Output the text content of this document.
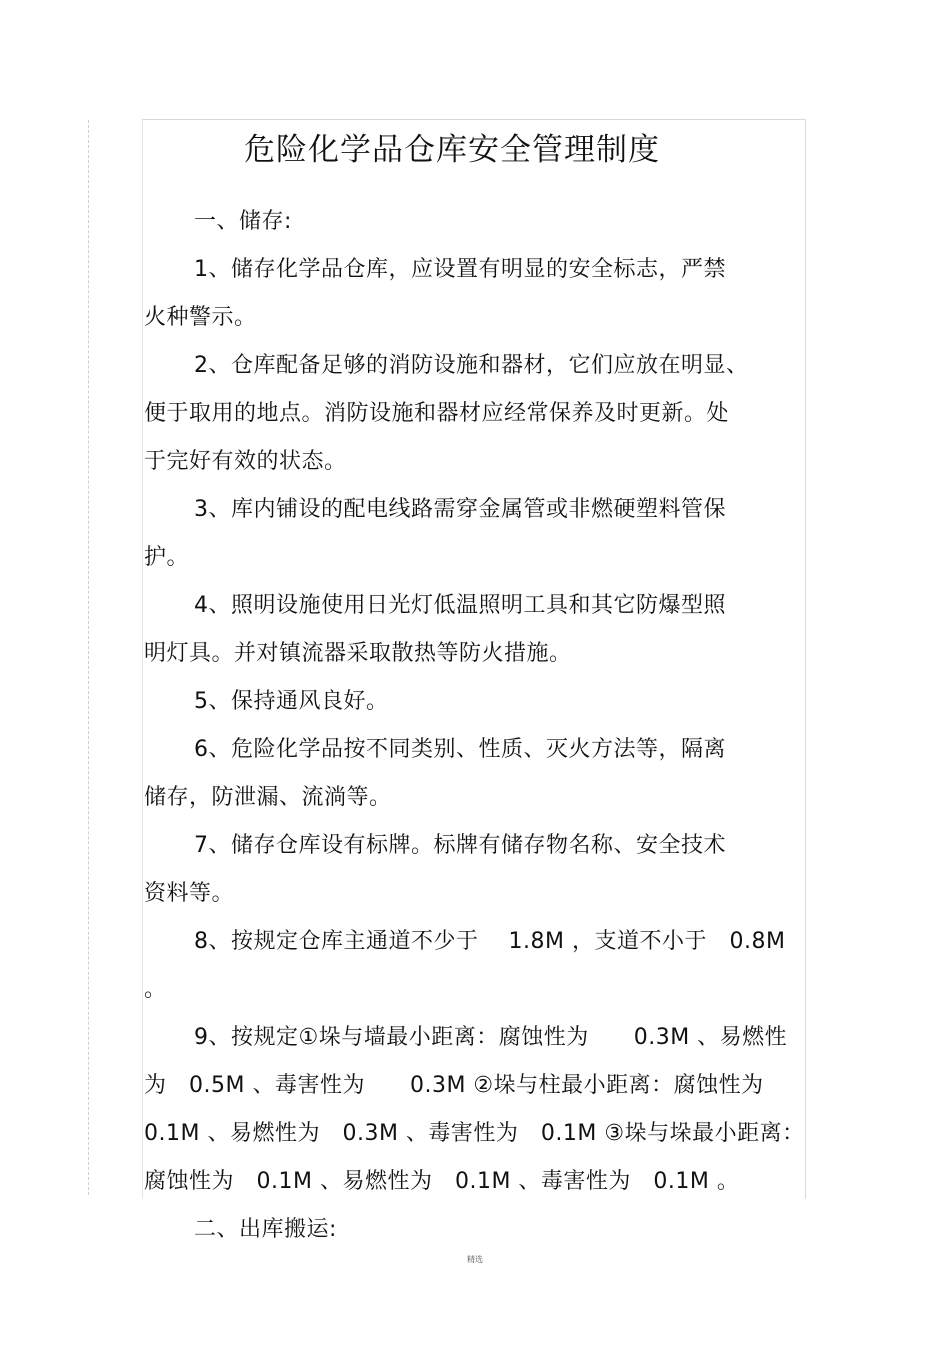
危险化学品仓库安全管理制度

一、储存:

1、储存化学品仓库，应设置有明显的安全标志，严禁
火种警示。

2、仓库配备足够的消防设施和器材，它们应放在明显、
便于取用的地点。消防设施和器材应经常保养及时更新。处
于完好有效的状态。

3、库内铺设的配电线路需穿金属管或非燃硬塑料管保
护。

4、照明设施使用日光灯低温照明工具和其它防爆型照
明灯具。并对镇流器采取散热等防火措施。

5、保持通风良好。

6、危险化学品按不同类别、性质、灭火方法等，隔离
储存，防泄漏、流淌等。

7、储存仓库设有标牌。标牌有储存物名称、安全技术
资料等。

8、按规定仓库主通道不少于　 1.8M ，支道不小于　0.8M 。

9、按规定①垛与墙最小距离：腐蚀性为　　0.3M 、易燃性
为　0.5M 、毒害性为　　0.3M ②垛与柱最小距离：腐蚀性为
0.1M 、易燃性为　0.3M 、毒害性为　0.1M ③垛与垛最小距离：
腐蚀性为　0.1M 、易燃性为　0.1M 、毒害性为　0.1M 。

二、出库搬运:

精选
